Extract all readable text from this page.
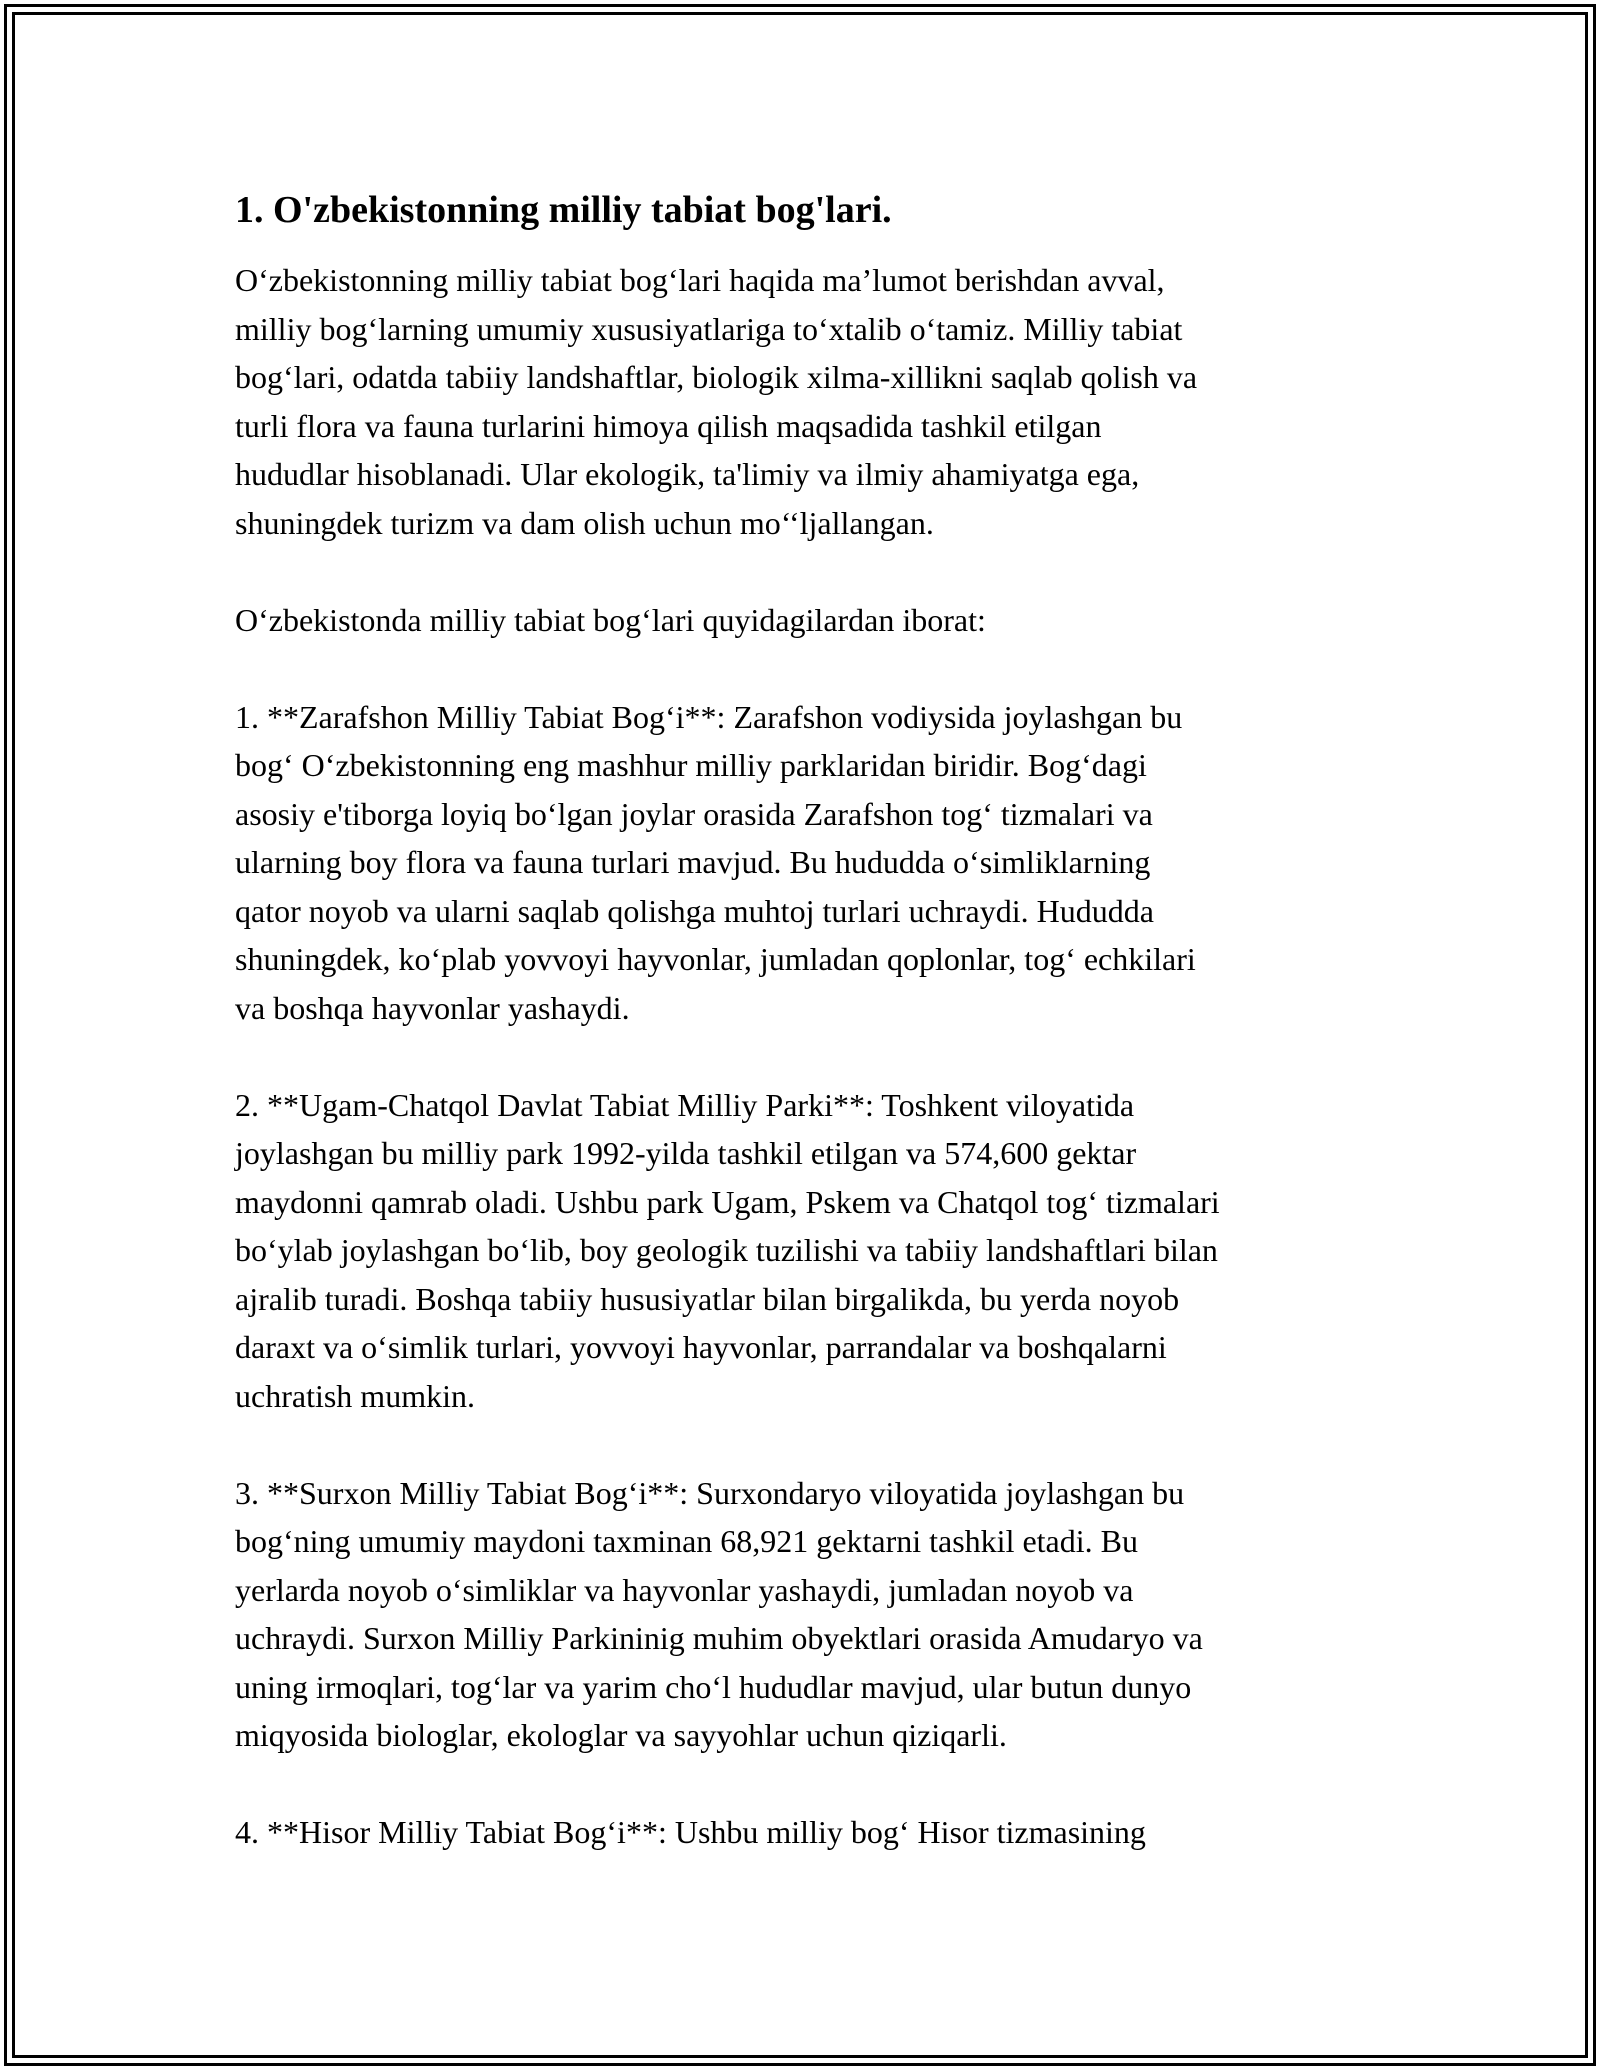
1. O'zbekistonning milliy tabiat bog'lari.

O‘zbekistonning milliy tabiat bog‘lari haqida ma’lumot berishdan avval,
milliy bog‘larning umumiy xususiyatlariga to‘xtalib o‘tamiz. Milliy tabiat
bog‘lari, odatda tabiiy landshaftlar, biologik xilma-xillikni saqlab qolish va
turli flora va fauna turlarini himoya qilish maqsadida tashkil etilgan
hududlar hisoblanadi. Ular ekologik, ta'limiy va ilmiy ahamiyatga ega,
shuningdek turizm va dam olish uchun mo‘‘ljallangan.

O‘zbekistonda milliy tabiat bog‘lari quyidagilardan iborat:

1. **Zarafshon Milliy Tabiat Bog‘i**: Zarafshon vodiysida joylashgan bu
bog‘ O‘zbekistonning eng mashhur milliy parklaridan biridir. Bog‘dagi
asosiy e'tiborga loyiq bo‘lgan joylar orasida Zarafshon tog‘ tizmalari va
ularning boy flora va fauna turlari mavjud. Bu hududda o‘simliklarning
qator noyob va ularni saqlab qolishga muhtoj turlari uchraydi. Hududda
shuningdek, ko‘plab yovvoyi hayvonlar, jumladan qoplonlar, tog‘ echkilari
va boshqa hayvonlar yashaydi.

2. **Ugam-Chatqol Davlat Tabiat Milliy Parki**: Toshkent viloyatida
joylashgan bu milliy park 1992-yilda tashkil etilgan va 574,600 gektar
maydonni qamrab oladi. Ushbu park Ugam, Pskem va Chatqol tog‘ tizmalari
bo‘ylab joylashgan bo‘lib, boy geologik tuzilishi va tabiiy landshaftlari bilan
ajralib turadi. Boshqa tabiiy hususiyatlar bilan birgalikda, bu yerda noyob
daraxt va o‘simlik turlari, yovvoyi hayvonlar, parrandalar va boshqalarni
uchratish mumkin.

3. **Surxon Milliy Tabiat Bog‘i**: Surxondaryo viloyatida joylashgan bu
bog‘ning umumiy maydoni taxminan 68,921 gektarni tashkil etadi. Bu
yerlarda noyob o‘simliklar va hayvonlar yashaydi, jumladan noyob va
uchraydi. Surxon Milliy Parkininig muhim obyektlari orasida Amudaryo va
uning irmoqlari, tog‘lar va yarim cho‘l hududlar mavjud, ular butun dunyo
miqyosida biologlar, ekologlar va sayyohlar uchun qiziqarli.

4. **Hisor Milliy Tabiat Bog‘i**: Ushbu milliy bog‘ Hisor tizmasining
